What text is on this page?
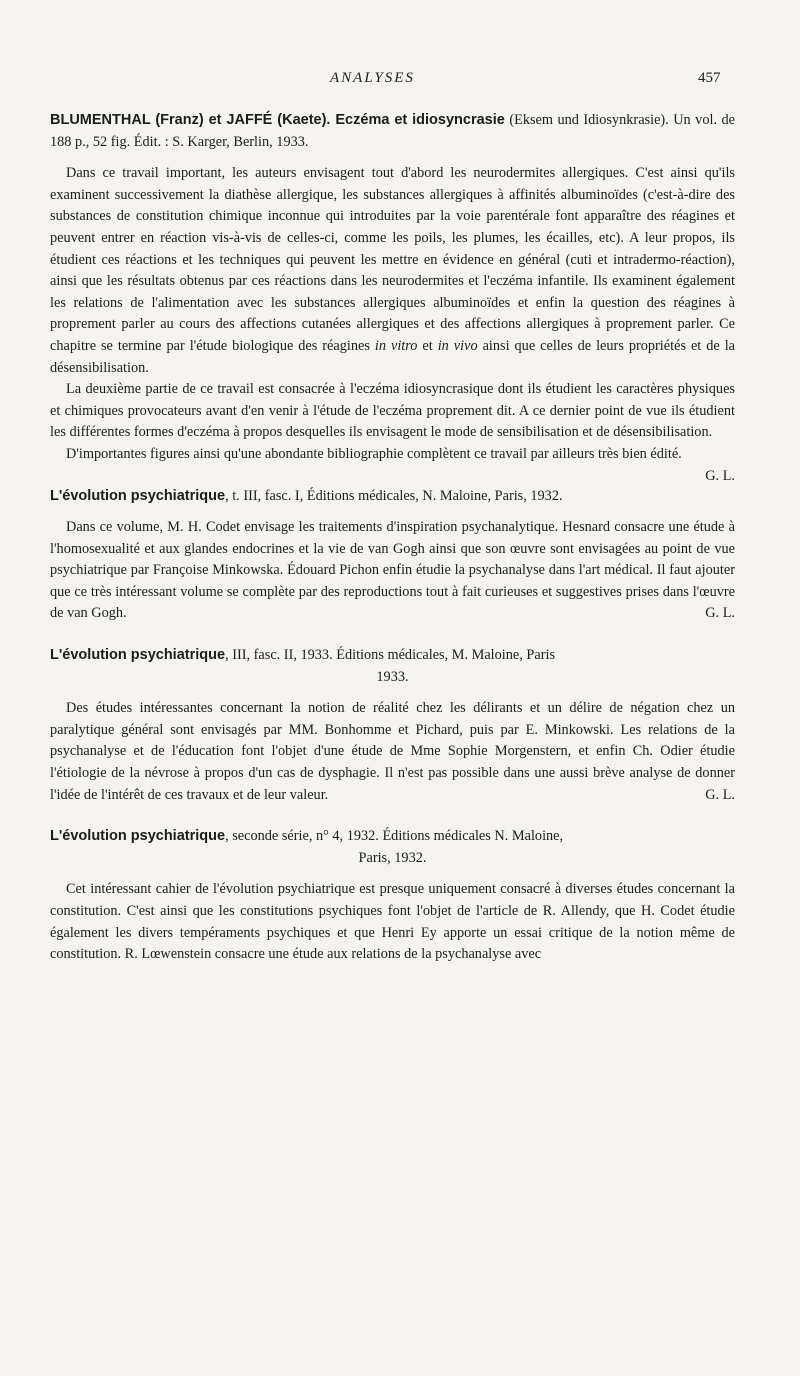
ANALYSES	457
BLUMENTHAL (Franz) et JAFFÉ (Kaete). Eczéma et idiosyncrasie (Eksem und Idiosynkrasie). Un vol. de 188 p., 52 fig. Édit. : S. Karger, Berlin, 1933.

Dans ce travail important, les auteurs envisagent tout d'abord les neurodermites allergiques. C'est ainsi qu'ils examinent successivement la diathèse allergique, les substances allergiques à affinités albuminoïdes (c'est-à-dire des substances de constitution chimique inconnue qui introduites par la voie parentérale font apparaître des réagines et peuvent entrer en réaction vis-à-vis de celles-ci, comme les poils, les plumes, les écailles, etc). A leur propos, ils étudient ces réactions et les techniques qui peuvent les mettre en évidence en général (cuti et intradermo-réaction), ainsi que les résultats obtenus par ces réactions dans les neurodermites et l'eczéma infantile. Ils examinent également les relations de l'alimentation avec les substances allergiques albuminoïdes et enfin la question des réagines à proprement parler au cours des affections cutanées allergiques et des affections allergiques à proprement parler. Ce chapitre se termine par l'étude biologique des réagines in vitro et in vivo ainsi que celles de leurs propriétés et de la désensibilisation.

La deuxième partie de ce travail est consacrée à l'eczéma idiosyncrasique dont ils étudient les caractères physiques et chimiques provocateurs avant d'en venir à l'étude de l'eczéma proprement dit. A ce dernier point de vue ils étudient les différentes formes d'eczéma à propos desquelles ils envisagent le mode de sensibilisation et de désensibilisation.

D'importantes figures ainsi qu'une abondante bibliographie complètent ce travail par ailleurs très bien édité.
G. L.

L'évolution psychiatrique, t. III, fasc. I, Éditions médicales, N. Maloine, Paris, 1932.

Dans ce volume, M. H. Codet envisage les traitements d'inspiration psychanalytique. Hesnard consacre une étude à l'homosexualité et aux glandes endocrines et la vie de van Gogh ainsi que son œuvre sont envisagées au point de vue psychiatrique par Françoise Minkowska. Édouard Pichon enfin étudie la psychanalyse dans l'art médical. Il faut ajouter que ce très intéressant volume se complète par des reproductions tout à fait curieuses et suggestives prises dans l'œuvre de van Gogh.	G. L.

L'évolution psychiatrique, III, fasc. II, 1933. Éditions médicales, M. Maloine, Paris
1933.

Des études intéressantes concernant la notion de réalité chez les délirants et un délire de négation chez un paralytique général sont envisagés par MM. Bonhomme et Pichard, puis par E. Minkowski. Les relations de la psychanalyse et de l'éducation font l'objet d'une étude de Mme Sophie Morgenstern, et enfin Ch. Odier étudie l'étiologie de la névrose à propos d'un cas de dysphagie. Il n'est pas possible dans une aussi brève analyse de donner l'idée de l'intérêt de ces travaux et de leur valeur.	G. L.

L'évolution psychiatrique, seconde série, n° 4, 1932. Éditions médicales N. Maloine,
Paris, 1932.

Cet intéressant cahier de l'évolution psychiatrique est presque uniquement consacré à diverses études concernant la constitution. C'est ainsi que les constitutions psychiques font l'objet de l'article de R. Allendy, que H. Codet étudie également les divers tempéraments psychiques et que Henri Ey apporte un essai critique de la notion même de constitution. R. Lœwenstein consacre une étude aux relations de la psychanalyse avec
